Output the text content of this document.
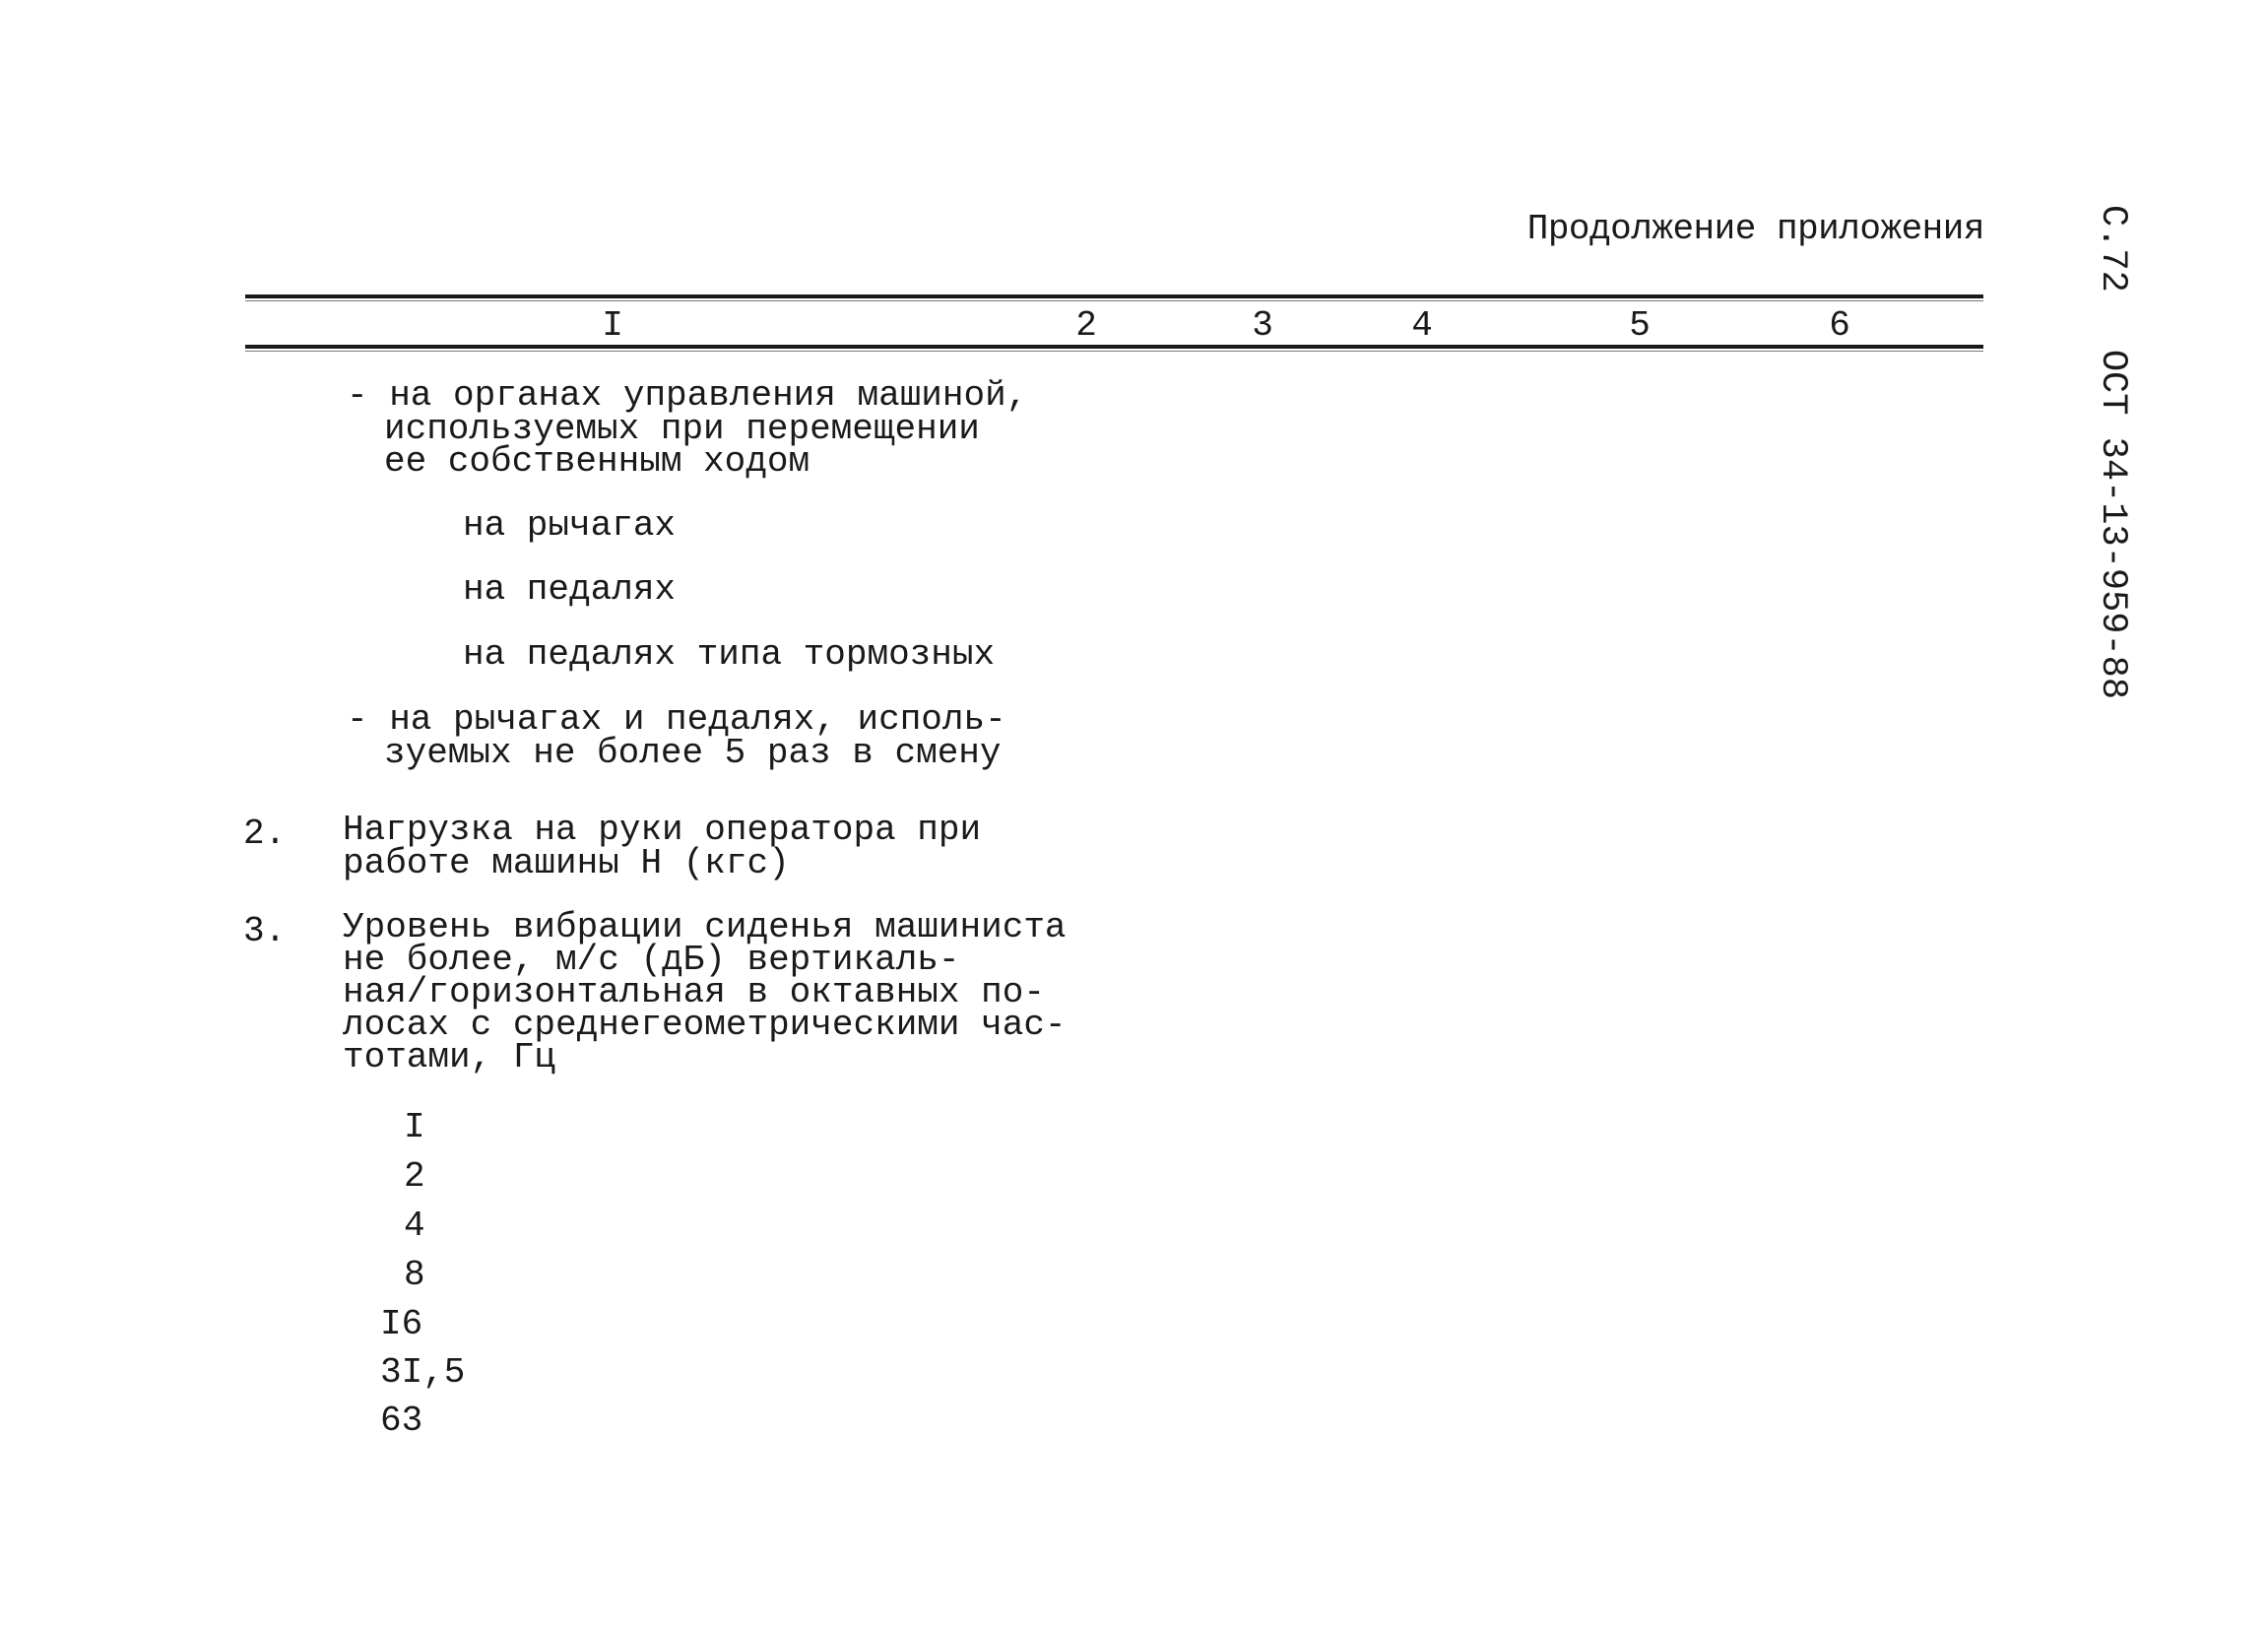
Продолжение приложения	С.72ОСТ 34-13-959-88
I	2	3	4	5	6
- на органах управления машиной,
используемых при перемещении
ее собственным ходом
на рычагах
на педалях
на педалях типа тормозных
- на рычагах и педалях, исполь-
зуемых не более 5 раз в смену
2. Нагрузка на руки оператора при
работе машины Н (кгс)
3. Уровень вибрации сиденья машиниста
не более, м/с (дБ) вертикаль-
ная/горизонтальная в октавных по-
лосах с среднегеометрическими час-
тотами, Гц
I
2
4
8
I6
3I,5
63
